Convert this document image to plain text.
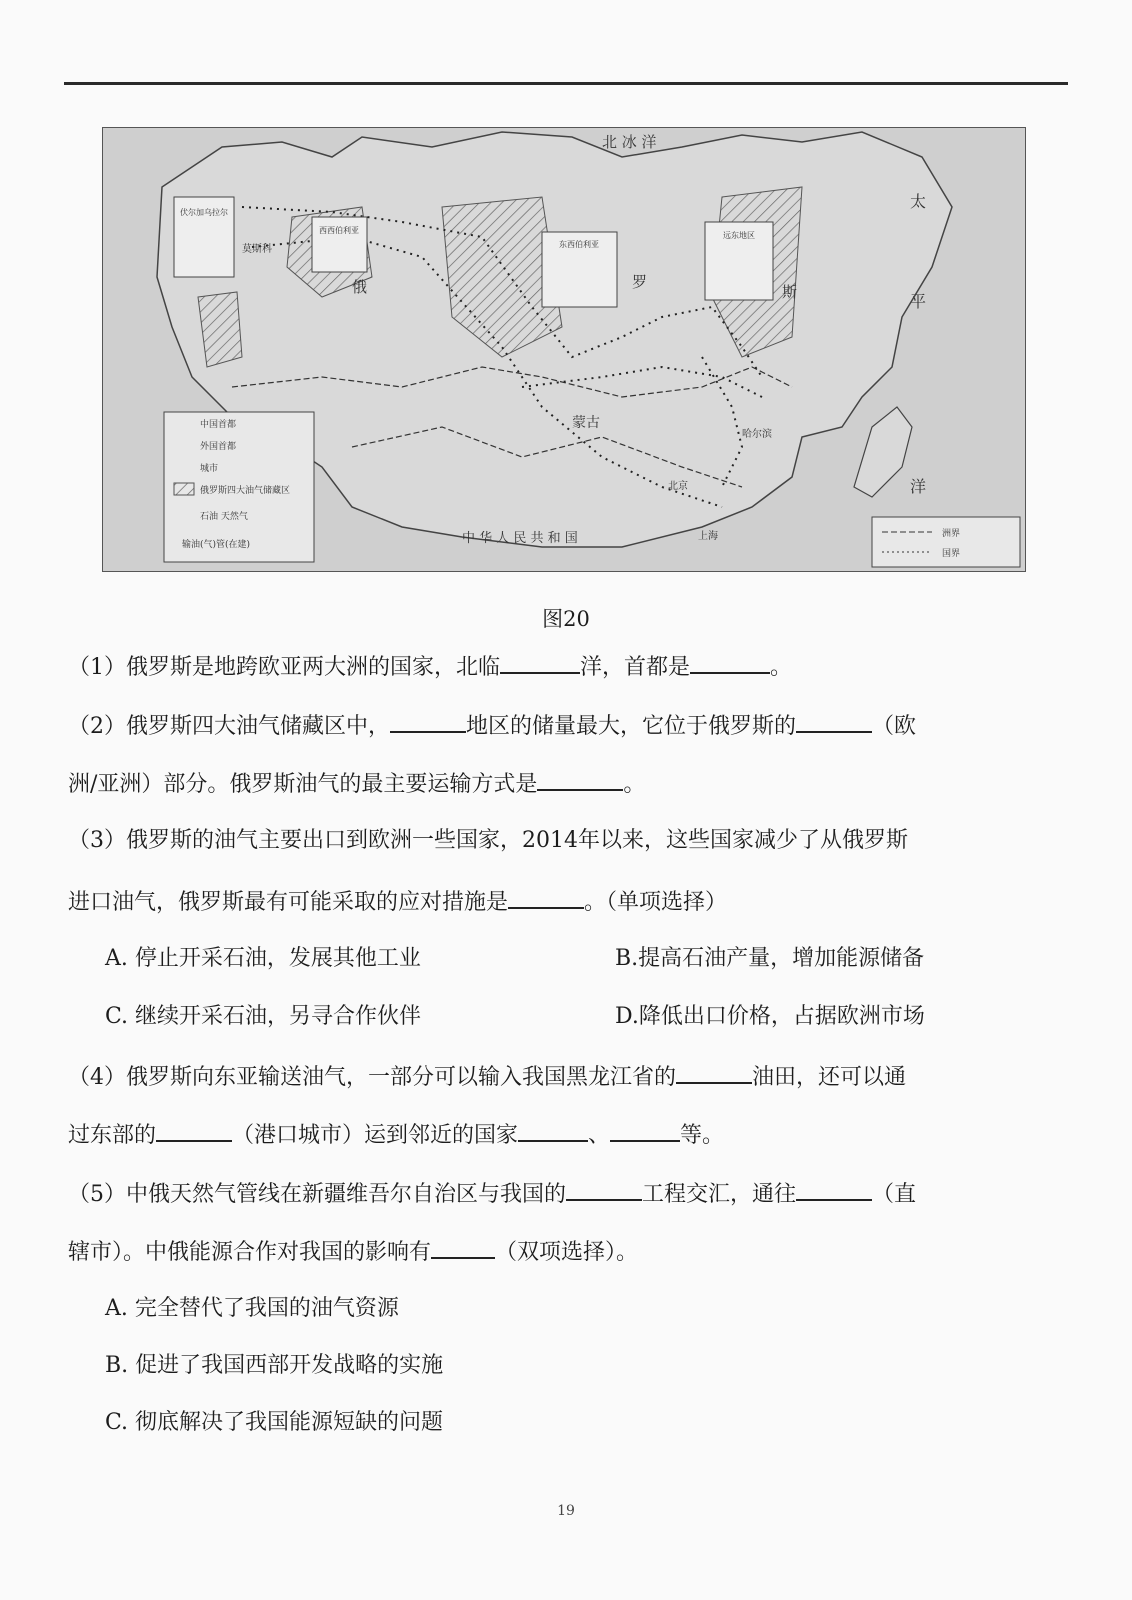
伏尔加乌拉尔
西西伯利亚
东西伯利亚
远东地区
北 冰 洋
太
平
洋
俄	罗
斯
蒙古
中 华 人 民 共 和 国
莫斯科
北京
上海
哈尔滨
中国首都
外国首都
城市
俄罗斯四大油气储藏区
石油 天然气
输油(气)管(在建)
洲界
国界
图20
（1）俄罗斯是地跨欧亚两大洲的国家，北临	洋，首都是	。
（2）俄罗斯四大油气储藏区中，	地区的储量最大，它位于俄罗斯的	（欧
洲/亚洲）部分。俄罗斯油气的最主要运输方式是	。
（3）俄罗斯的油气主要出口到欧洲一些国家，2014年以来，这些国家减少了从俄罗斯
进口油气，俄罗斯最有可能采取的应对措施是	。（单项选择）
A. 停止开采石油，发展其他工业	B.提高石油产量，增加能源储备
C. 继续开采石油，另寻合作伙伴	D.降低出口价格，占据欧洲市场
（4）俄罗斯向东亚输送油气，一部分可以输入我国黑龙江省的	油田，还可以通
过东部的	（港口城市）运到邻近的国家	、	等。
（5）中俄天然气管线在新疆维吾尔自治区与我国的	工程交汇，通往	（直
辖市）。中俄能源合作对我国的影响有	（双项选择）。
A. 完全替代了我国的油气资源
B. 促进了我国西部开发战略的实施
C. 彻底解决了我国能源短缺的问题
19
